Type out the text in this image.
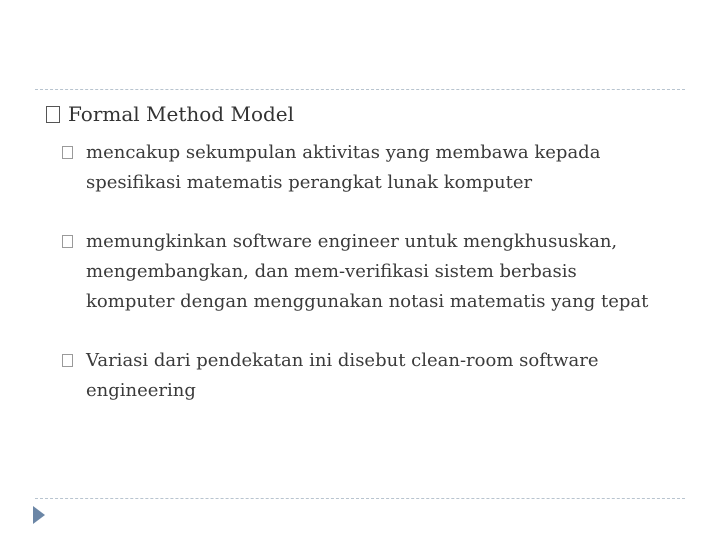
Formal Method Model
mencakup sekumpulan aktivitas yang membawa kepada spesifikasi matematis perangkat lunak komputer
memungkinkan software engineer untuk mengkhususkan, mengembangkan, dan mem-verifikasi sistem berbasis komputer dengan menggunakan notasi matematis yang tepat
Variasi dari pendekatan ini disebut clean-room software engineering
